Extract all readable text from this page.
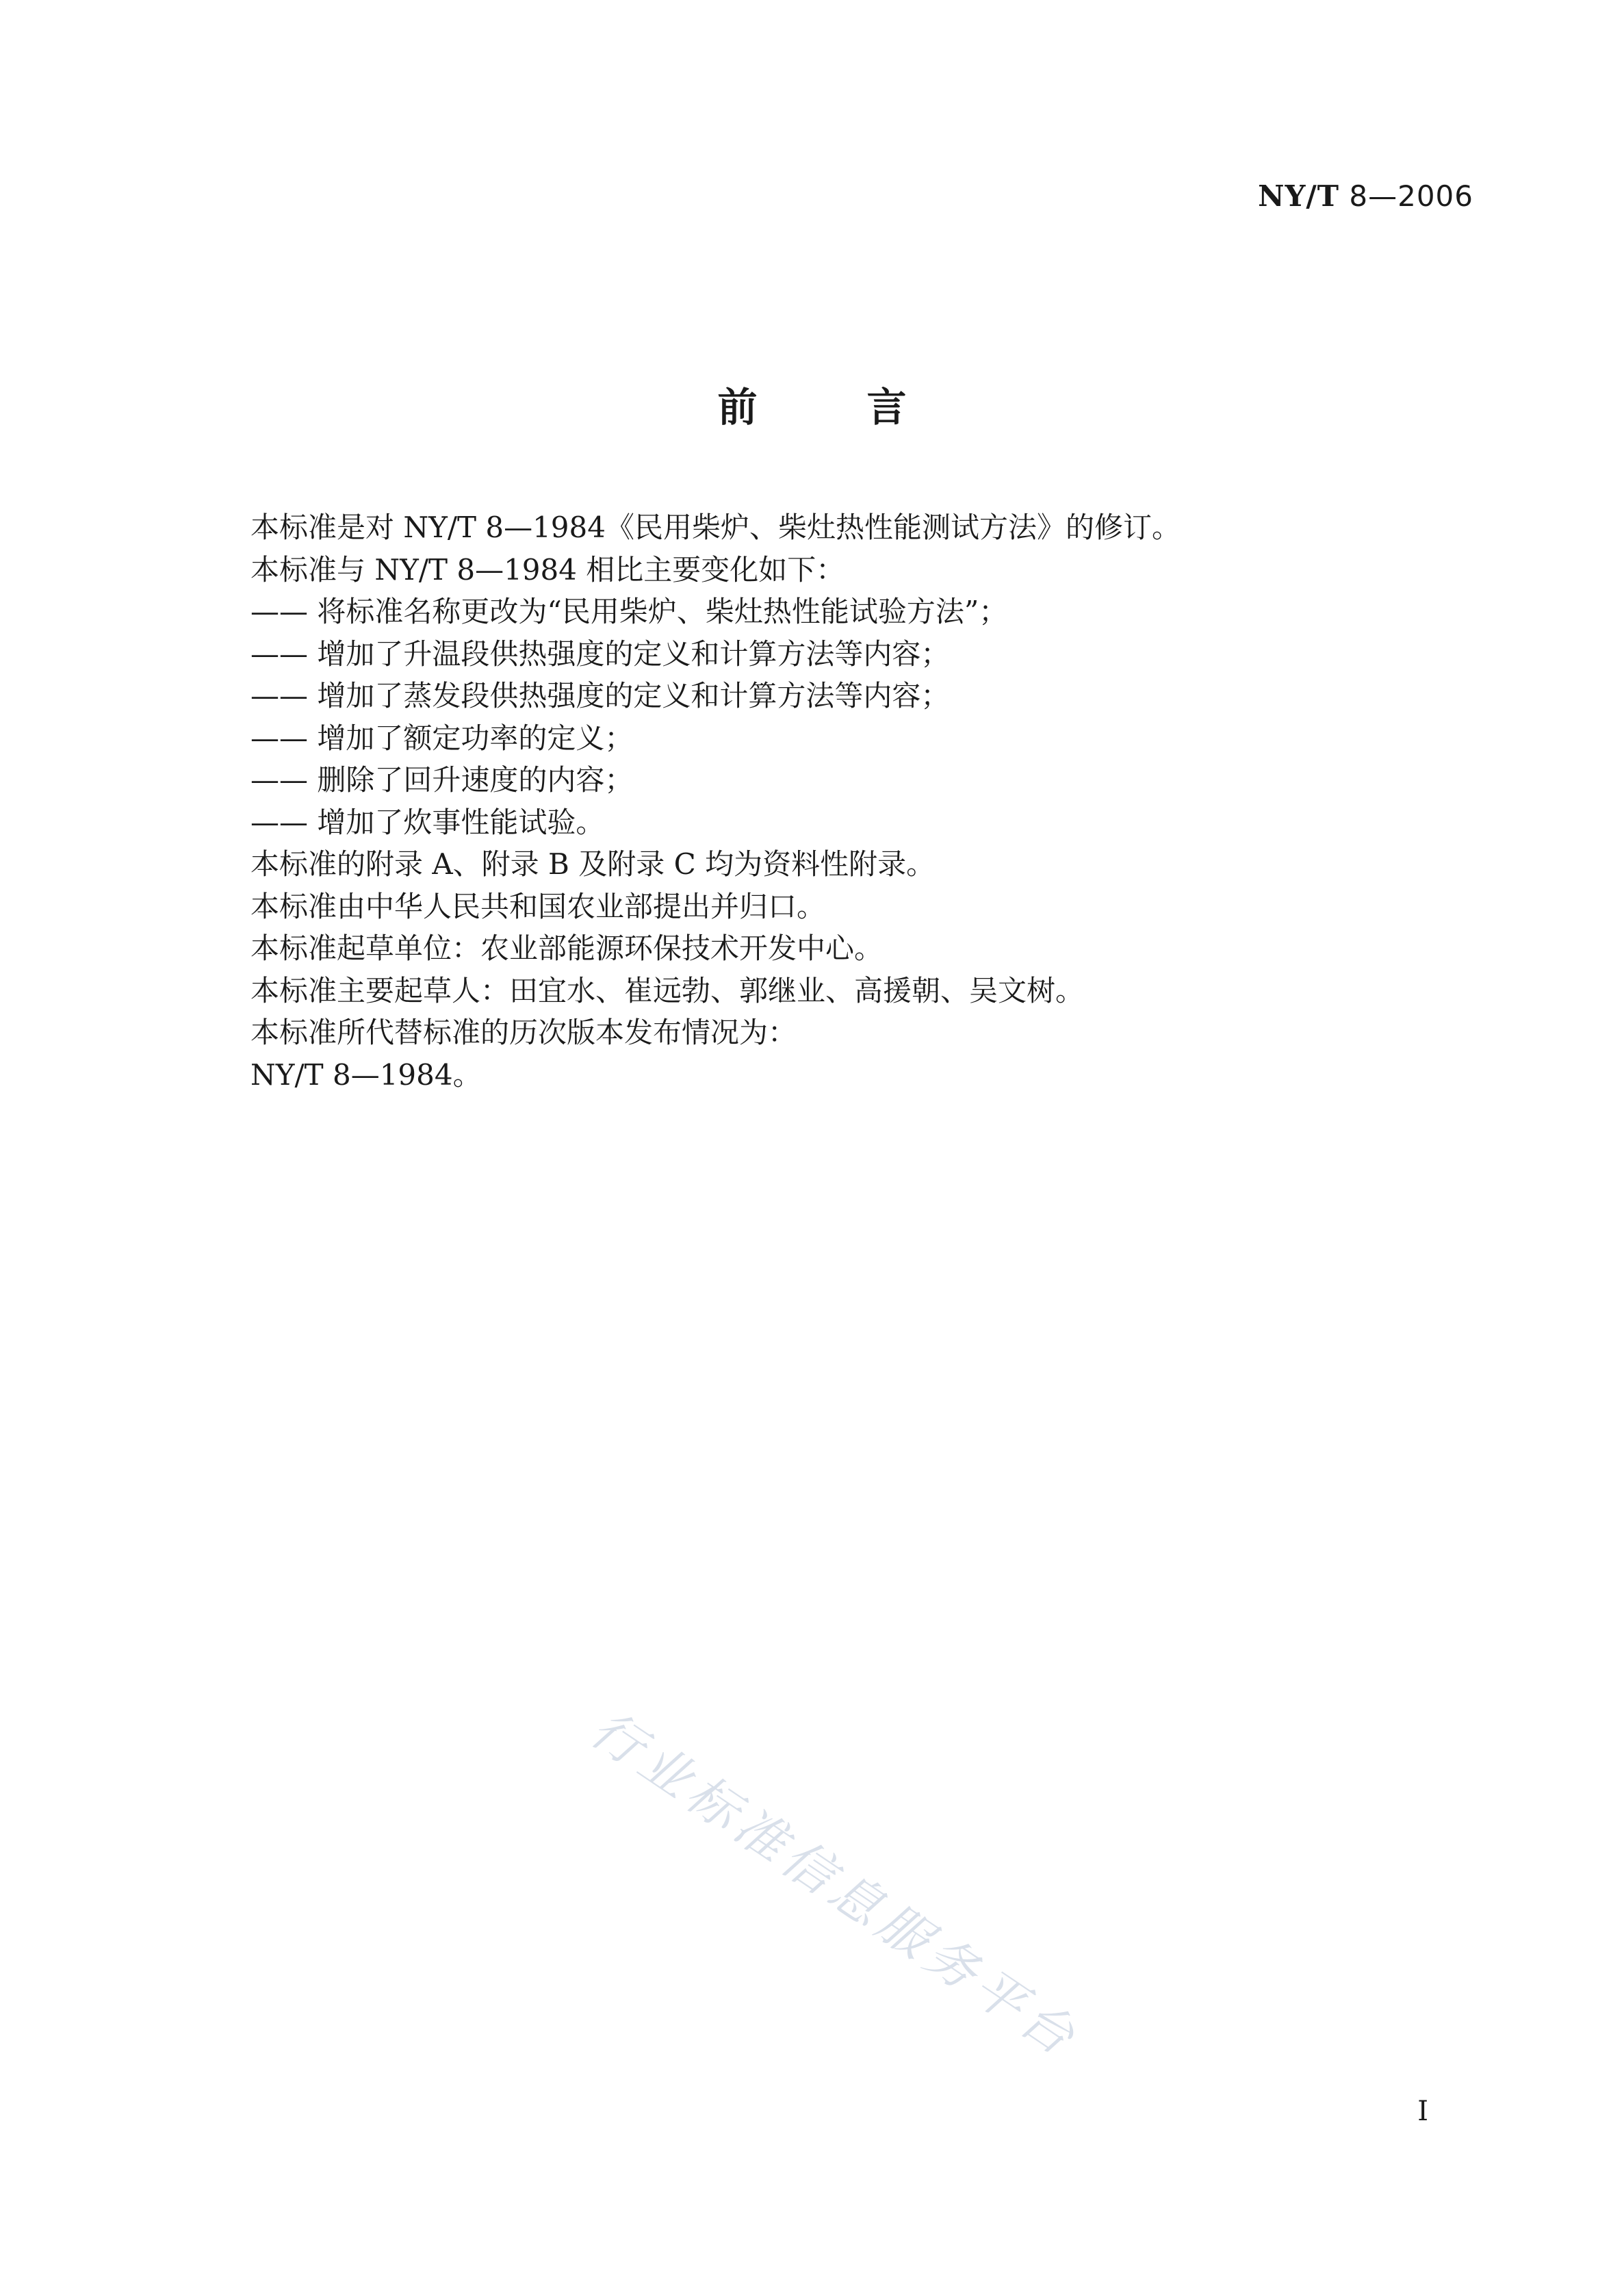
NY/T 8—2006
前言
本标准是对 NY/T 8—1984《民用柴炉、柴灶热性能测试方法》的修订。
本标准与 NY/T 8—1984 相比主要变化如下：
—— 将标准名称更改为“民用柴炉、柴灶热性能试验方法”；
—— 增加了升温段供热强度的定义和计算方法等内容；
—— 增加了蒸发段供热强度的定义和计算方法等内容；
—— 增加了额定功率的定义；
—— 删除了回升速度的内容；
—— 增加了炊事性能试验。
本标准的附录 A、附录 B 及附录 C 均为资料性附录。
本标准由中华人民共和国农业部提出并归口。
本标准起草单位：农业部能源环保技术开发中心。
本标准主要起草人：田宜水、崔远勃、郭继业、高援朝、吴文树。
本标准所代替标准的历次版本发布情况为：
NY/T 8—1984。
行业标准信息服务平台
I
